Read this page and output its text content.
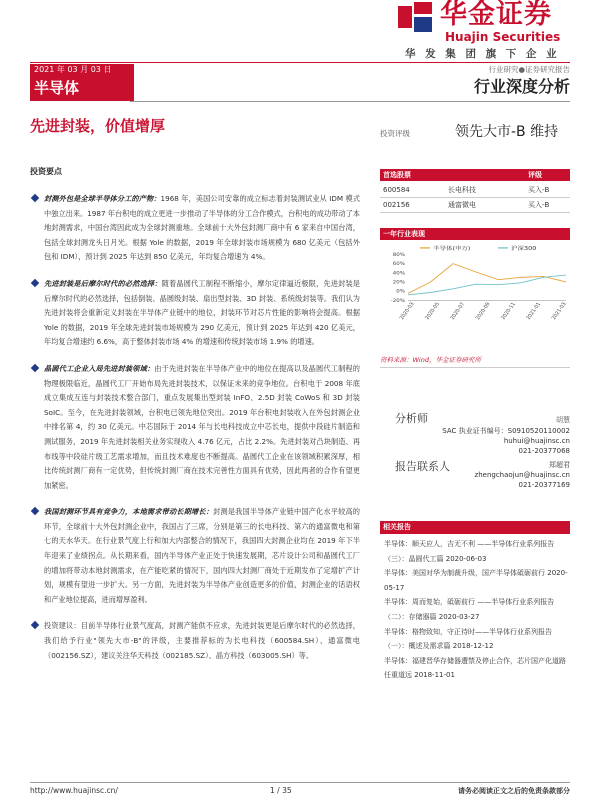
华金证券
Huajin Securities
华 发 集 团 旗 下 企 业
2021 年 03 月 03 日
半导体
行业研究●证券研究报告
行业深度分析
先进封装，价值增厚
投资要点
封测外包是全球半导体分工的产物：1968 年，美国公司安靠的成立标志着封装测试业从 IDM 模式中独立出来。1987 年台积电的成立更进一步推动了半导体的分工合作模式，台积电的成功带动了本地封测需求，中国台湾因此成为全球封测重地。全球前十大外包封测厂商中有 6 家来自中国台湾，包括全球封测龙头日月光。根据 Yole 的数据，2019 年全球封装市场规模为 680 亿美元（包括外包和 IDM），预计到 2025 年达到 850 亿美元，年均复合增速为 4%。
先进封装是后摩尔时代的必然选择：随着晶圆代工制程不断缩小，摩尔定律逼近极限，先进封装是后摩尔时代的必然选择，包括倒装、晶圆级封装、扇出型封装、3D 封装、系统级封装等。我们认为先进封装将会重新定义封装在半导体产业链中的地位，封装环节对芯片性能的影响将会提高。根据 Yole 的数据，2019 年全球先进封装市场规模为 290 亿美元，预计到 2025 年达到 420 亿美元，年均复合增速约 6.6%，高于整体封装市场 4% 的增速和传统封装市场 1.9% 的增速。
晶圆代工企业入局先进封装领域：由于先进封装在半导体产业中的地位在提高以及晶圆代工制程的物理极限临近，晶圆代工厂开始布局先进封装技术，以保证未来的竞争地位。台积电于 2008 年底成立集成互连与封装技术整合部门，重点发展集出型封装 InFO、2.5D 封装 CoWoS 和 3D 封装 SoIC。至今，在先进封装领域，台积电已领先地位突出。2019 年台积电封装收入在外包封测企业中排名第 4，约 30 亿美元。中芯国际于 2014 年与长电科技成立中芯长电，提供中段硅片制造和测试服务，2019 年先进封装相关业务实现收入 4.76 亿元，占比 2.2%。先进封装对凸块制造、再布线等中段硅片级工艺需求增加，而且技术难度也不断提高。晶圆代工企业在该领域积累深厚，相比传统封测厂商有一定优势，但传统封测厂商在技术完善性方面具有优势，因此两者的合作有望更加紧密。
我国封测环节具有竞争力，本地需求带动长期增长：封测是我国半导体产业链中国产化水平较高的环节，全球前十大外包封测企业中，我国占了三席，分别是第三的长电科技、第六的通富微电和第七的天水华天。在行业景气度上行和加大内部整合的情况下，我国四大封测企业均在 2019 年下半年迎来了业绩拐点。从长期来看，国内半导体产业正处于快速发展期，芯片设计公司和晶圆代工厂的增加将带动本地封测需求，在产能吃紧的情况下，国内四大封测厂商处于近期发布了定增扩产计划，规模有望进一步扩大。另一方面，先进封装为半导体产业创造更多的价值，封测企业的话语权和产业地位提高，进而增厚盈利。
投资建议：目前半导体行业景气度高，封测产能供不应求，先进封装更是后摩尔时代的必然选择，我们给予行业"领先大市-B"的评级，主要推荐标的为长电科技（600584.SH）、通富微电（002156.SZ），建议关注华天科技（002185.SZ）、晶方科技（603005.SH）等。
投资评级	领先大市-B 维持
首选股票	评级
600584	长电科技	买入-B
002156	通富微电	买入-B
一年行业表现
半导体(申万)	沪深300
80%
60%
40%
20%
0%
-20%
2020-03 2020-05 2020-07 2020-09 2020-11 2021-01 2021-03
资料来源：Wind，华金证券研究所
分析师	胡慧
SAC 执业证书编号：S0910520110002
huhui@huajinsc.cn
021-20377068
报告联系人	郑超君
zhengchaojun@huajinsc.cn
021-20377169
相关报告
半导体：顺天应人，吉无不利 ——半导体行业系列报告（三）：晶圆代工篇 2020-06-03
半导体：美国对华为制裁升级，国产半导体砥砺前行 2020-05-17
半导体：周而复始，砥砺前行 ——半导体行业系列报告（二）：存储器篇 2020-03-27
半导体：格物致知，守正待时——半导体行业系列报告（一）：概述及需求篇 2018-12-12
半导体：福建晋华存储器遭禁及停止合作，芯片国产化道路任重道远 2018-11-01
http://www.huajinsc.cn/	1 / 35	请务必阅读正文之后的免责条款部分
